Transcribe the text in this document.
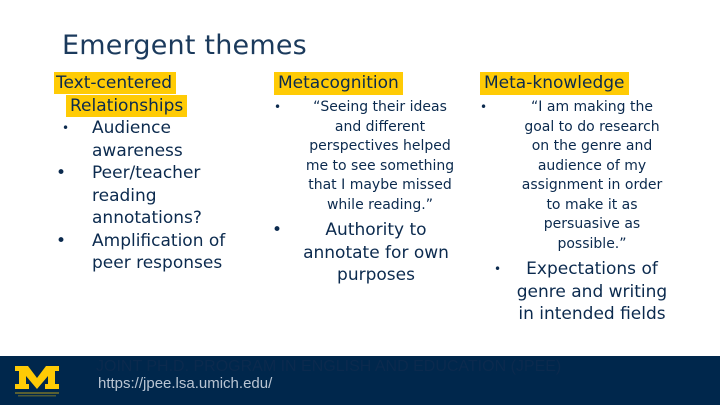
Emergent themes
Text-centered
Relationships
• Audience
awareness
• Peer/teacher
reading
annotations?
• Amplification of
peer responses
Metacognition
•	“Seeing their ideas
and different
perspectives helped
me to see something
that I maybe missed
while reading.”
•	Authority to
annotate for own
purposes
Meta-knowledge
•	“I am making the
goal to do research
on the genre and
audience of my
assignment in order
to make it as
persuasive as
possible.”
•	Expectations of
genre and writing
in intended fields
JOINT PH.D. PROGRAM IN ENGLISH AND EDUCATION (JPEE)
https://jpee.lsa.umich.edu/
